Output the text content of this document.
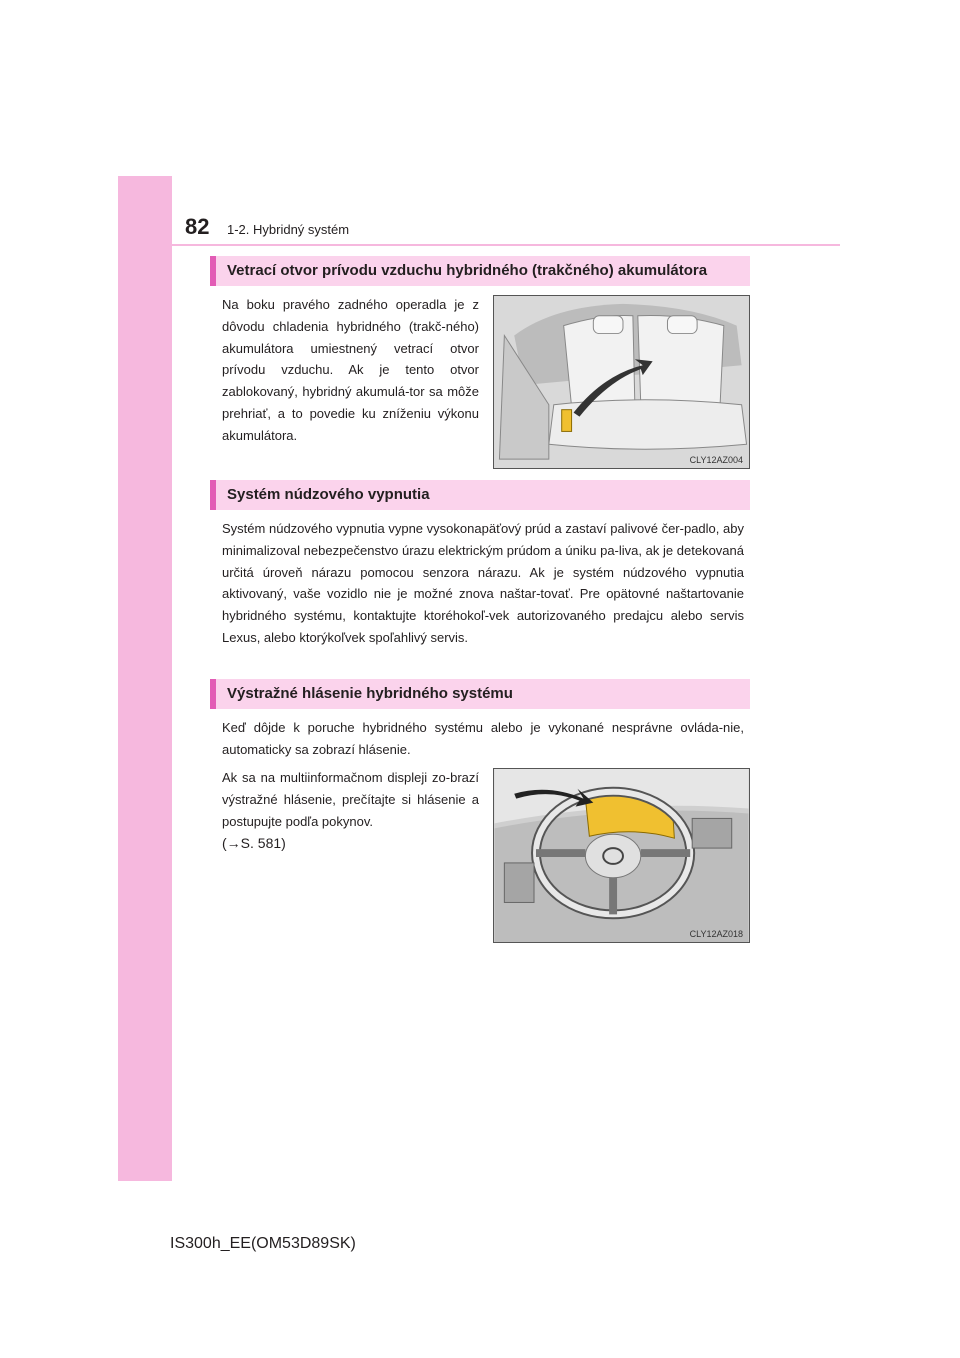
82 1-2. Hybridný systém
Vetrací otvor prívodu vzduchu hybridného (trakčného) akumulátora

Na boku pravého zadného operadla je z dôvodu chladenia hybridného (trakč-ného) akumulátora umiestnený vetrací otvor prívodu vzduchu. Ak je tento otvor zablokovaný, hybridný akumulá-tor sa môže prehriať, a to povedie ku zníženiu výkonu akumulátora.

CLY12AZ004
Systém núdzového vypnutia

Systém núdzového vypnutia vypne vysokonapäťový prúd a zastaví palivové čer-padlo, aby minimalizoval nebezpečenstvo úrazu elektrickým prúdom a úniku pa-liva, ak je detekovaná určitá úroveň nárazu pomocou senzora nárazu. Ak je systém núdzového vypnutia aktivovaný, vaše vozidlo nie je možné znova naštar-tovať. Pre opätovné naštartovanie hybridného systému, kontaktujte ktoréhokoľ-vek autorizovaného predajcu alebo servis Lexus, alebo ktorýkoľvek spoľahlivý servis.

Výstražné hlásenie hybridného systému

Keď dôjde k poruche hybridného systému alebo je vykonané nesprávne ovláda-nie, automaticky sa zobrazí hlásenie.

Ak sa na multiinformačnom displeji zo-brazí výstražné hlásenie, prečítajte si hlásenie a postupujte podľa pokynov.

(→S. 581)

CLY12AZ018
IS300h_EE(OM53D89SK)
